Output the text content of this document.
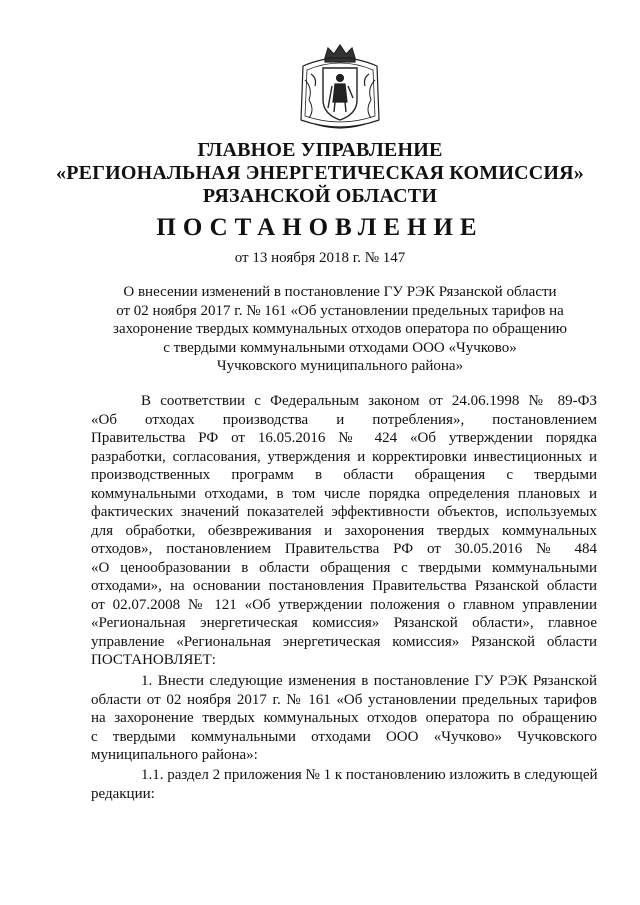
ГЛАВНОЕ УПРАВЛЕНИЕ
«РЕГИОНАЛЬНАЯ ЭНЕРГЕТИЧЕСКАЯ КОМИССИЯ»
РЯЗАНСКОЙ ОБЛАСТИ
ПОСТАНОВЛЕНИЕ
от 13 ноября 2018 г. № 147
О внесении изменений в постановление ГУ РЭК Рязанской области
от 02 ноября 2017 г. № 161 «Об установлении предельных тарифов на
захоронение твердых коммунальных отходов оператора по обращению
с твердыми коммунальными отходами ООО «Чучково»
Чучковского муниципального района»
В соответствии с Федеральным законом от 24.06.1998 № 89-ФЗ
«Об отходах производства и потребления», постановлением
Правительства РФ от 16.05.2016 № 424 «Об утверждении порядка
разработки, согласования, утверждения и корректировки инвестиционных и
производственных программ в области обращения с твердыми
коммунальными отходами, в том числе порядка определения плановых и
фактических значений показателей эффективности объектов, используемых
для обработки, обезвреживания и захоронения твердых коммунальных
отходов», постановлением Правительства РФ от 30.05.2016 № 484
«О ценообразовании в области обращения с твердыми коммунальными
отходами», на основании постановления Правительства Рязанской области
от 02.07.2008 № 121 «Об утверждении положения о главном управлении
«Региональная энергетическая комиссия» Рязанской области», главное
управление «Региональная энергетическая комиссия» Рязанской области
ПОСТАНОВЛЯЕТ:
1. Внести следующие изменения в постановление ГУ РЭК Рязанской
области от 02 ноября 2017 г. № 161 «Об установлении предельных тарифов
на захоронение твердых коммунальных отходов оператора по обращению
с твердыми коммунальными отходами ООО «Чучково» Чучковского
муниципального района»:
1.1. раздел 2 приложения № 1 к постановлению изложить в следующей
редакции:
